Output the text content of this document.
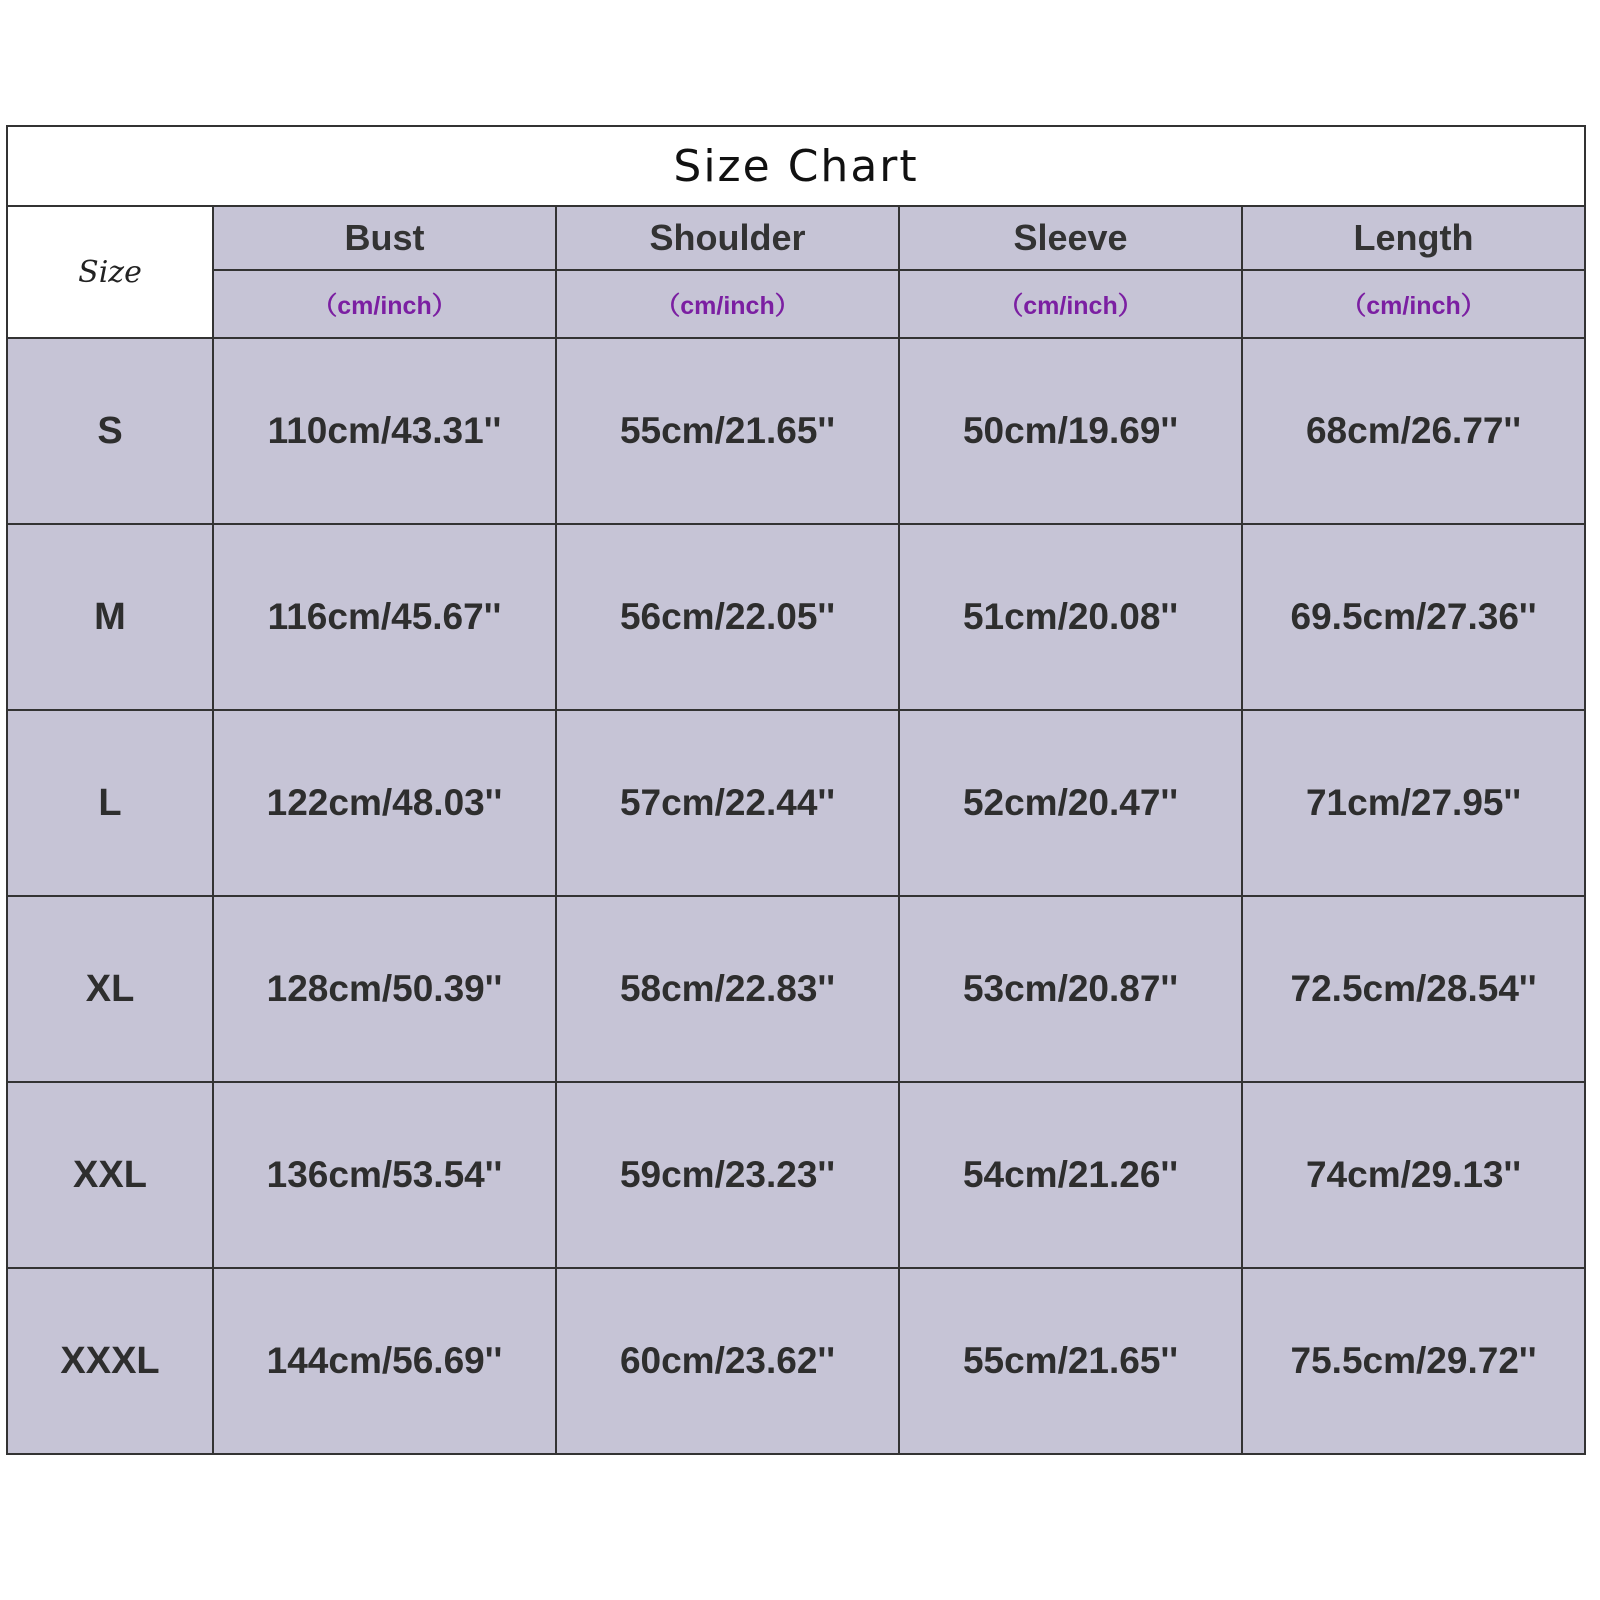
Size Chart				
Size	Bust	Shoulder	Sleeve	Length
	（cm/inch）	（cm/inch）	（cm/inch）	（cm/inch）
S	110cm/43.31''	55cm/21.65''	50cm/19.69''	68cm/26.77''
M	116cm/45.67''	56cm/22.05''	51cm/20.08''	69.5cm/27.36''
L	122cm/48.03''	57cm/22.44''	52cm/20.47''	71cm/27.95''
XL	128cm/50.39''	58cm/22.83''	53cm/20.87''	72.5cm/28.54''
XXL	136cm/53.54''	59cm/23.23''	54cm/21.26''	74cm/29.13''
XXXL	144cm/56.69''	60cm/23.62''	55cm/21.65''	75.5cm/29.72''
